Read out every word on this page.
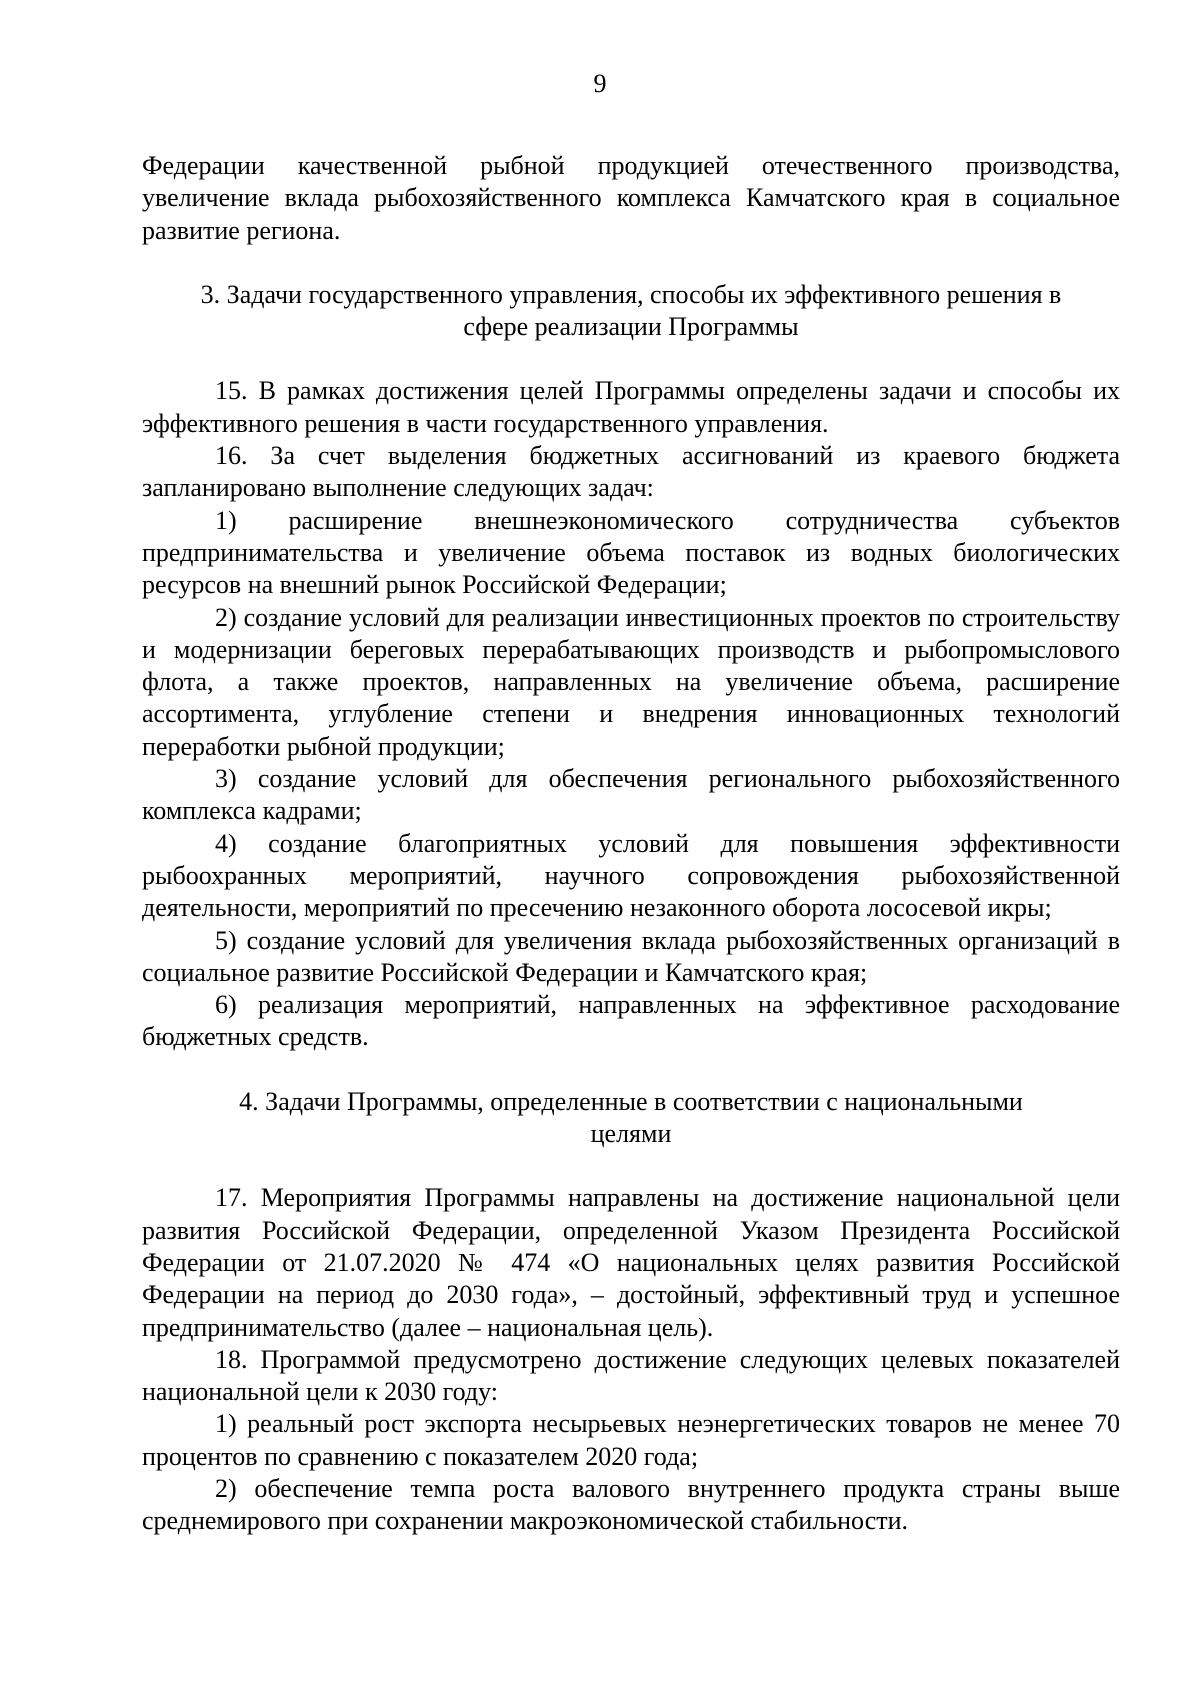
9

Федерации качественной рыбной продукцией отечественного производства, увеличение вклада рыбохозяйственного комплекса Камчатского края в социальное развитие региона.

3. Задачи государственного управления, способы их эффективного решения в
сфере реализации Программы

15. В рамках достижения целей Программы определены задачи и способы их эффективного решения в части государственного управления.

16. За счет выделения бюджетных ассигнований из краевого бюджета запланировано выполнение следующих задач:

1) расширение внешнеэкономического сотрудничества субъектов предпринимательства и увеличение объема поставок из водных биологических ресурсов на внешний рынок Российской Федерации;

2) создание условий для реализации инвестиционных проектов по строительству и модернизации береговых перерабатывающих производств и рыбопромыслового флота, а также проектов, направленных на увеличение объема, расширение ассортимента, углубление степени и внедрения инновационных технологий переработки рыбной продукции;

3) создание условий для обеспечения регионального рыбохозяйственного комплекса кадрами;

4) создание благоприятных условий для повышения эффективности рыбоохранных мероприятий, научного сопровождения рыбохозяйственной деятельности, мероприятий по пресечению незаконного оборота лососевой икры;

5) создание условий для увеличения вклада рыбохозяйственных организаций в социальное развитие Российской Федерации и Камчатского края;

6) реализация мероприятий, направленных на эффективное расходование бюджетных средств.

4. Задачи Программы, определенные в соответствии с национальными
целями

17. Мероприятия Программы направлены на достижение национальной цели развития Российской Федерации, определенной Указом Президента Российской Федерации от 21.07.2020 № 474 «О национальных целях развития Российской Федерации на период до 2030 года», – достойный, эффективный труд и успешное предпринимательство (далее – национальная цель).

18. Программой предусмотрено достижение следующих целевых показателей национальной цели к 2030 году:

1) реальный рост экспорта несырьевых неэнергетических товаров не менее 70 процентов по сравнению с показателем 2020 года;

2) обеспечение темпа роста валового внутреннего продукта страны выше среднемирового при сохранении макроэкономической стабильности.
